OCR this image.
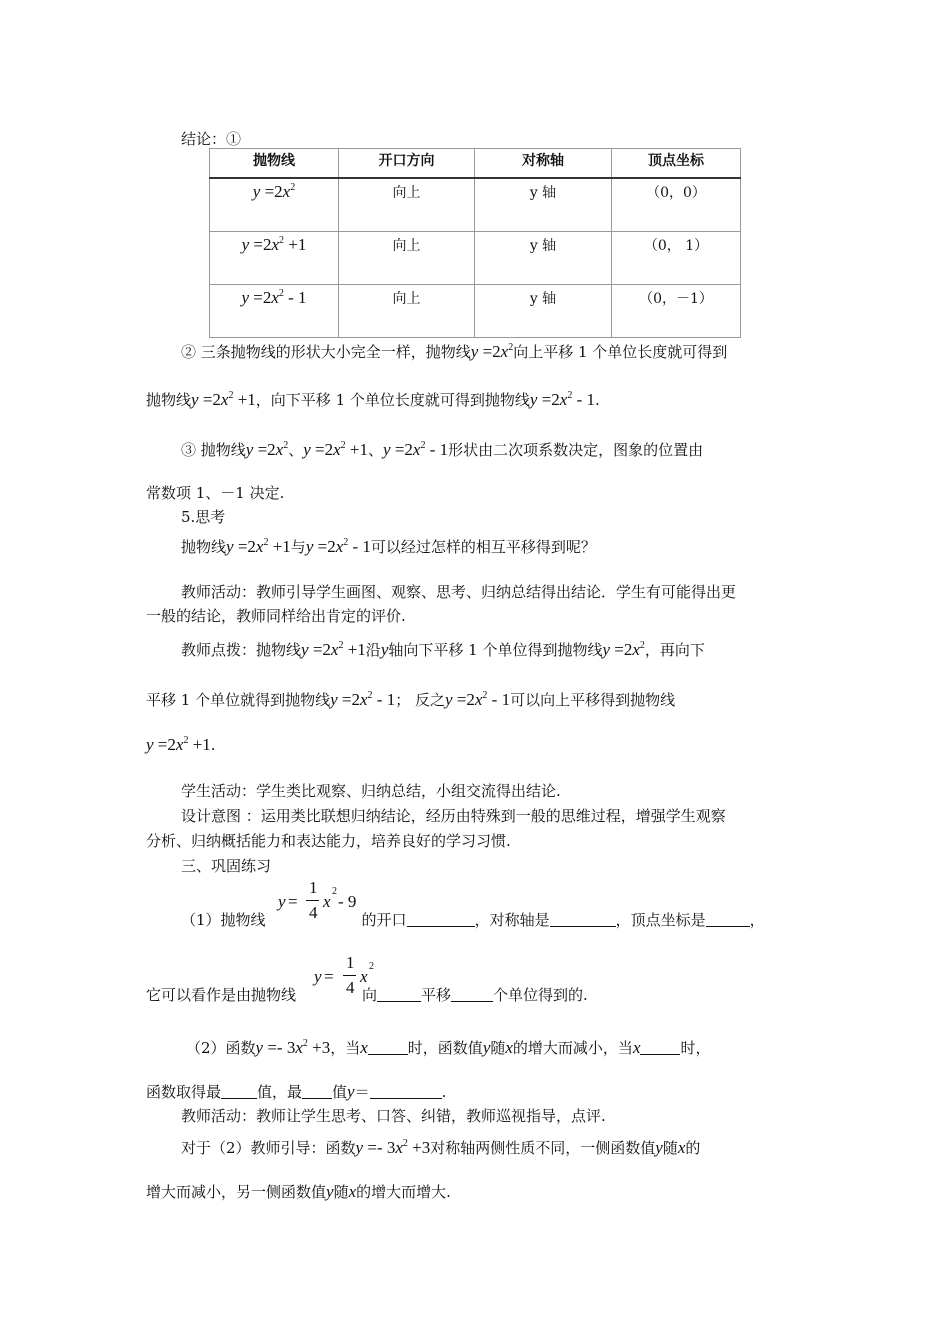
结论：①
抛物线	开口方向	对称轴	顶点坐标
$y =2x^2$	向上	y 轴	（0，0）
$y =2x^2 +1$	向上	y 轴	（0， 1）
$y =2x^2 - 1$	向上	y 轴	（0，－1）
② 三条抛物线的形状大小完全一样，抛物线$y =2x^2$向上平移 1 个单位长度就可得到
抛物线$y =2x^2 +1$，向下平移 1 个单位长度就可得到抛物线$y =2x^2 - 1$.
③ 抛物线$y =2x^2$、$y =2x^2 +1$、$y =2x^2 - 1$形状由二次项系数决定，图象的位置由
常数项 1、－1 决定.
5.思考
抛物线$y =2x^2 +1$与$y =2x^2 - 1$可以经过怎样的相互平移得到呢？
教师活动：教师引导学生画图、观察、思考、归纳总结得出结论．学生有可能得出更
一般的结论，教师同样给出肯定的评价.
教师点拨：抛物线$y =2x^2 +1$沿y轴向下平移 1 个单位得到抛物线$y =2x^2$，再向下
平移 1 个单位就得到抛物线$y =2x^2 - 1$； 反之$y =2x^2 - 1$可以向上平移得到抛物线
$y =2x^2 +1$.
学生活动：学生类比观察、归纳总结，小组交流得出结论.
设计意图 ：运用类比联想归纳结论，经历由特殊到一般的思维过程，增强学生观察
分析、归纳概括能力和表达能力，培养良好的学习习惯.
三、巩固练习
（1）抛物线	的开口	，对称轴是	，顶点坐标是	，
y =
1
4
x
2
- 9
y =
1
4
x
2
它可以看作是由抛物线	向	平移	个单位得到的.
（2）函数$y =- 3x^2 +3$，当x	时，函数值y随x的增大而减小，当x	时，
函数取得最 值，最 值y＝	.
教师活动：教师让学生思考、口答、纠错，教师巡视指导，点评.
对于（2）教师引导：函数$y =- 3x^2 +3$对称轴两侧性质不同，一侧函数值y随x的
增大而减小，另一侧函数值y随x的增大而增大.
